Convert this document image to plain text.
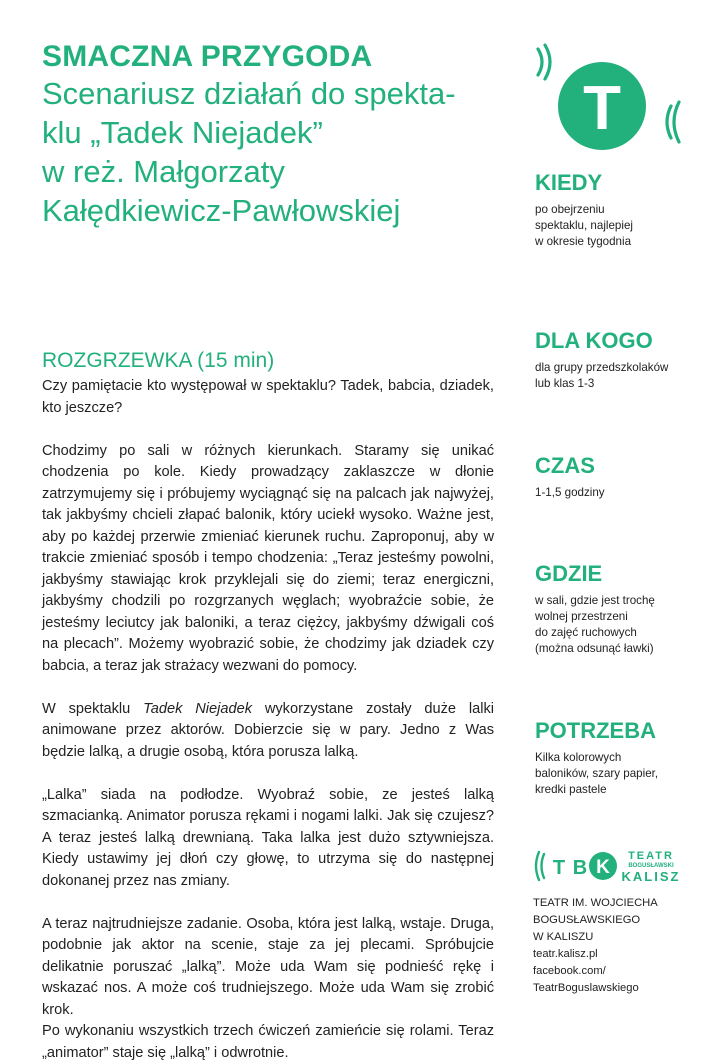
SMACZNA PRZYGODA

Scenariusz działań do spekta-
klu „Tadek Niejadek”
w reż. Małgorzaty
Kałędkiewicz-Pawłowskiej

T
ROZGRZEWKA (15 min)

Czy pamiętacie kto występował w spektaklu? Tadek, babcia, dziadek, kto jeszcze?

Chodzimy po sali w różnych kierunkach. Staramy się unikać chodzenia po kole. Kiedy prowadzący zaklaszcze w dłonie zatrzymujemy się i próbujemy wyciągnąć się na palcach jak najwyżej, tak jakbyśmy chcieli złapać balonik, który uciekł wysoko. Ważne jest, aby po każdej przerwie zmieniać kierunek ruchu. Zaproponuj, aby w trakcie zmieniać sposób i tempo chodzenia: „Teraz jesteśmy powolni, jakbyśmy stawiając krok przyklejali się do ziemi; teraz energiczni, jakbyśmy chodzili po rozgrzanych węglach; wyobraźcie sobie, że jesteśmy leciutcy jak baloniki, a teraz ciężcy, jakbyśmy dźwigali coś na plecach”. Możemy wyobrazić sobie, że chodzimy jak dziadek czy babcia, a teraz jak strażacy wezwani do pomocy.

W spektaklu Tadek Niejadek wykorzystane zostały duże lalki animowane przez aktorów. Dobierzcie się w pary. Jedno z Was będzie lalką, a drugie osobą, która porusza lalką.

„Lalka” siada na podłodze. Wyobraź sobie, ze jesteś lalką szmacianką. Animator porusza rękami i nogami lalki. Jak się czujesz? A teraz jesteś lalką drewnianą. Taka lalka jest dużo sztywniejsza. Kiedy ustawimy jej dłoń czy głowę, to utrzyma się do następnej dokonanej przez nas zmiany.

A teraz najtrudniejsze zadanie. Osoba, która jest lalką, wstaje. Druga, podobnie jak aktor na scenie, staje za jej plecami. Spróbujcie delikatnie poruszać „lalką”. Może uda Wam się podnieść rękę i wskazać nos. A może coś trudniejszego. Może uda Wam się zrobić krok.

Po wykonaniu wszystkich trzech ćwiczeń zamieńcie się rolami. Teraz „animator” staje się „lalką” i odwrotnie.

KIEDY
po obejrzeniu
spektaklu, najlepiej
w okresie tygodnia
DLA KOGO
dla grupy przedszkolaków
lub klas 1-3
CZAS
1-1,5 godziny
GDZIE
w sali, gdzie jest trochę
wolnej przestrzeni
do zajęć ruchowych
(można odsunąć ławki)
POTRZEBA
Kilka kolorowych
baloników, szary papier,
kredki pastele
T B K
TEATR
BOGUSŁAWSKI
KALISZ
TEATR IM. WOJCIECHA
BOGUSŁAWSKIEGO
W KALISZU
teatr.kalisz.pl
facebook.com/
TeatrBoguslawskiego
